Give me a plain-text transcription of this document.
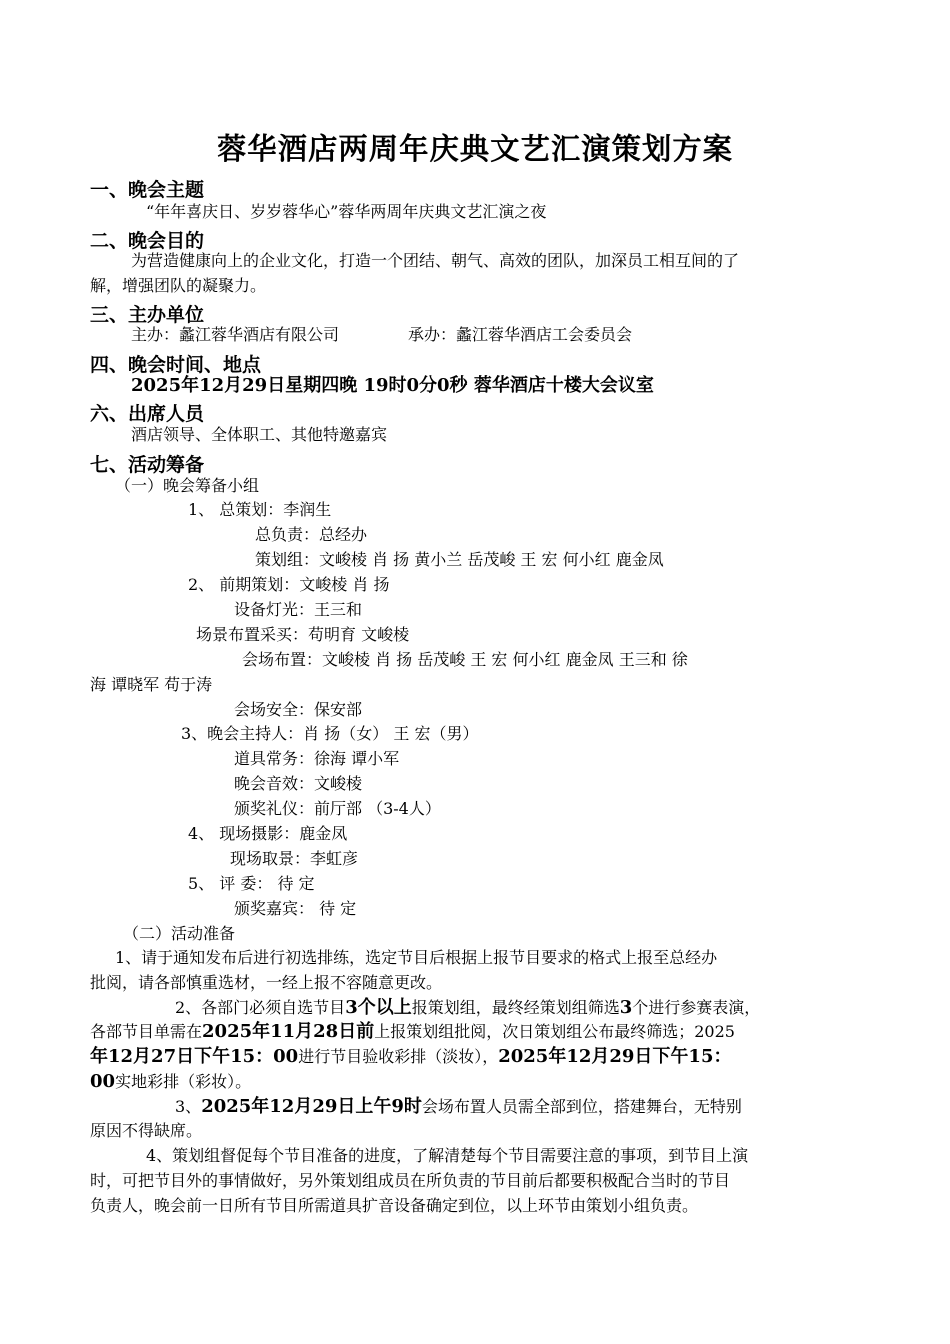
蓉华酒店两周年庆典文艺汇演策划方案
一、晚会主题
“年年喜庆日、岁岁蓉华心”蓉华两周年庆典文艺汇演之夜
二、晚会目的
为营造健康向上的企业文化，打造一个团结、朝气、高效的团队，加深员工相互间的了
解，增强团队的凝聚力。
三、主办单位
主办：蠡江蓉华酒店有限公司	承办：蠡江蓉华酒店工会委员会
四、晚会时间、地点
2025年12月29日星期四晚 19时0分0秒 蓉华酒店十楼大会议室
六、出席人员
酒店领导、全体职工、其他特邀嘉宾
七、活动筹备
（一）晚会筹备小组
1、 总策划：李润生
总负责：总经办
策划组：文峻棱 肖 扬 黄小兰 岳茂峻 王 宏 何小红 鹿金凤
2、 前期策划：文峻棱 肖 扬
设备灯光：王三和
场景布置采买：苟明育 文峻棱
会场布置：文峻棱 肖 扬 岳茂峻 王 宏 何小红 鹿金凤 王三和 徐
海 谭晓军 苟于涛
会场安全：保安部
3、晚会主持人：肖 扬（女） 王 宏（男）
道具常务：徐海 谭小军
晚会音效：文峻棱
颁奖礼仪：前厅部 （3-4人）
4、 现场摄影：鹿金凤
现场取景：李虹彦
5、 评 委： 待 定
颁奖嘉宾： 待 定
（二）活动准备
1、请于通知发布后进行初选排练，选定节目后根据上报节目要求的格式上报至总经办
批阅，请各部慎重选材，一经上报不容随意更改。
2、各部门必须自选节目3个以上报策划组，最终经策划组筛选3个进行参赛表演，
各部节目单需在2025年11月28日前上报策划组批阅，次日策划组公布最终筛选；2025
年12月27日下午15：00进行节目验收彩排（淡妆），2025年12月29日下午15：
00实地彩排（彩妆）。
3、2025年12月29日上午9时会场布置人员需全部到位，搭建舞台，无特别
原因不得缺席。
4、策划组督促每个节目准备的进度，了解清楚每个节目需要注意的事项，到节目上演
时，可把节目外的事情做好，另外策划组成员在所负责的节目前后都要积极配合当时的节目
负责人，晚会前一日所有节目所需道具扩音设备确定到位，以上环节由策划小组负责。
